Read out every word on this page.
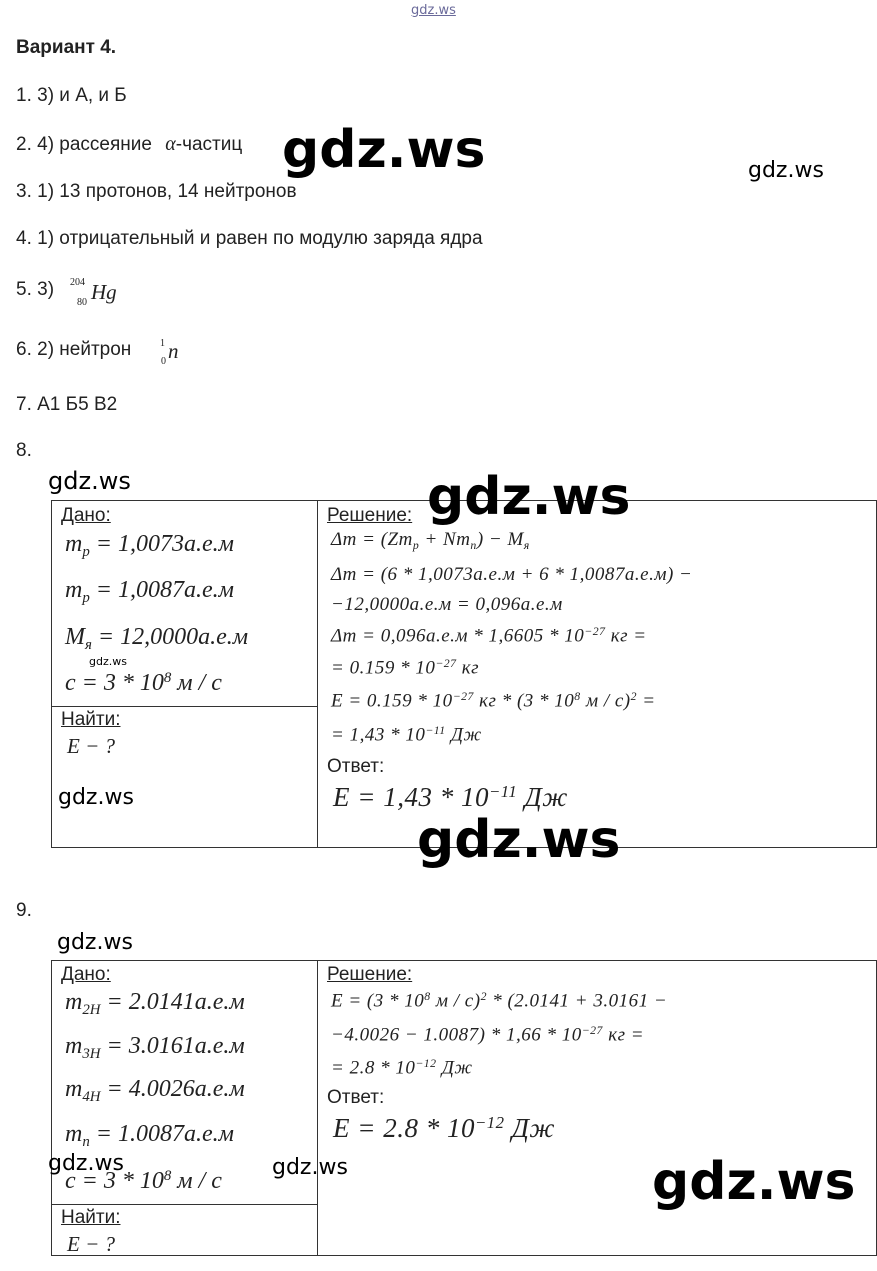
gdz.ws
Вариант 4.
1. 3) и А, и Б
2. 4) рассеяние α-частиц gdz.ws	gdz.ws
3. 1) 13 протонов, 14 нейтронов
4. 1) отрицательный и равен по модулю заряда ядра
5. 3) 204
80 Hg
6. 2) нейтрон	1
0 n
7. А1 Б5 В2
8.
gdz.ws
Дано:
$m_p = 1,0073а.е.м$
$m_p = 1,0087а.е.м$
$M_я = 12,0000а.е.м$
gdz.ws
$c = 3 * 10^8$ м / с
Найти:
E − ?
gdz.ws
Решение: gdz.ws
$\Delta m = (Zm_p + Nm_n) - M_я$
Δm = (6 * 1,0073а.е.м + 6 * 1,0087а.е.м) −
−12,0000а.е.м = 0,096а.е.м
$\Delta m = 0,096а.е.м * 1,6605 * 10^{-27}$ кг =
= $0.159 * 10^{-27}$ кг
$E = 0.159 * 10^{-27}$ кг * ($3 * 10^8$ м / с)$^2$ =
= $1,43 * 10^{-11}$ Дж
Ответ:
$E = 1,43 * 10^{-11}$ Дж
gdz.ws
9.
gdz.ws
Дано:
$m_{2H} = 2.0141а.е.м$
$m_{3H} = 3.0161а.е.м$
$m_{4H} = 4.0026а.е.м$
$m_n = 1.0087а.е.м$
gdz.ws
$c = 3 * 10^8$ м / с
gdz.ws
Найти:
E − ?
Решение:
$E = (3 * 10^8$ м / с)$^2$ * (2.0141 + 3.0161 −
$-4.0026 - 1.0087) * 1,66 * 10^{-27}$ кг =
= $2.8 * 10^{-12}$ Дж
Ответ:
$E = 2.8 * 10^{-12}$ Дж
gdz.ws
